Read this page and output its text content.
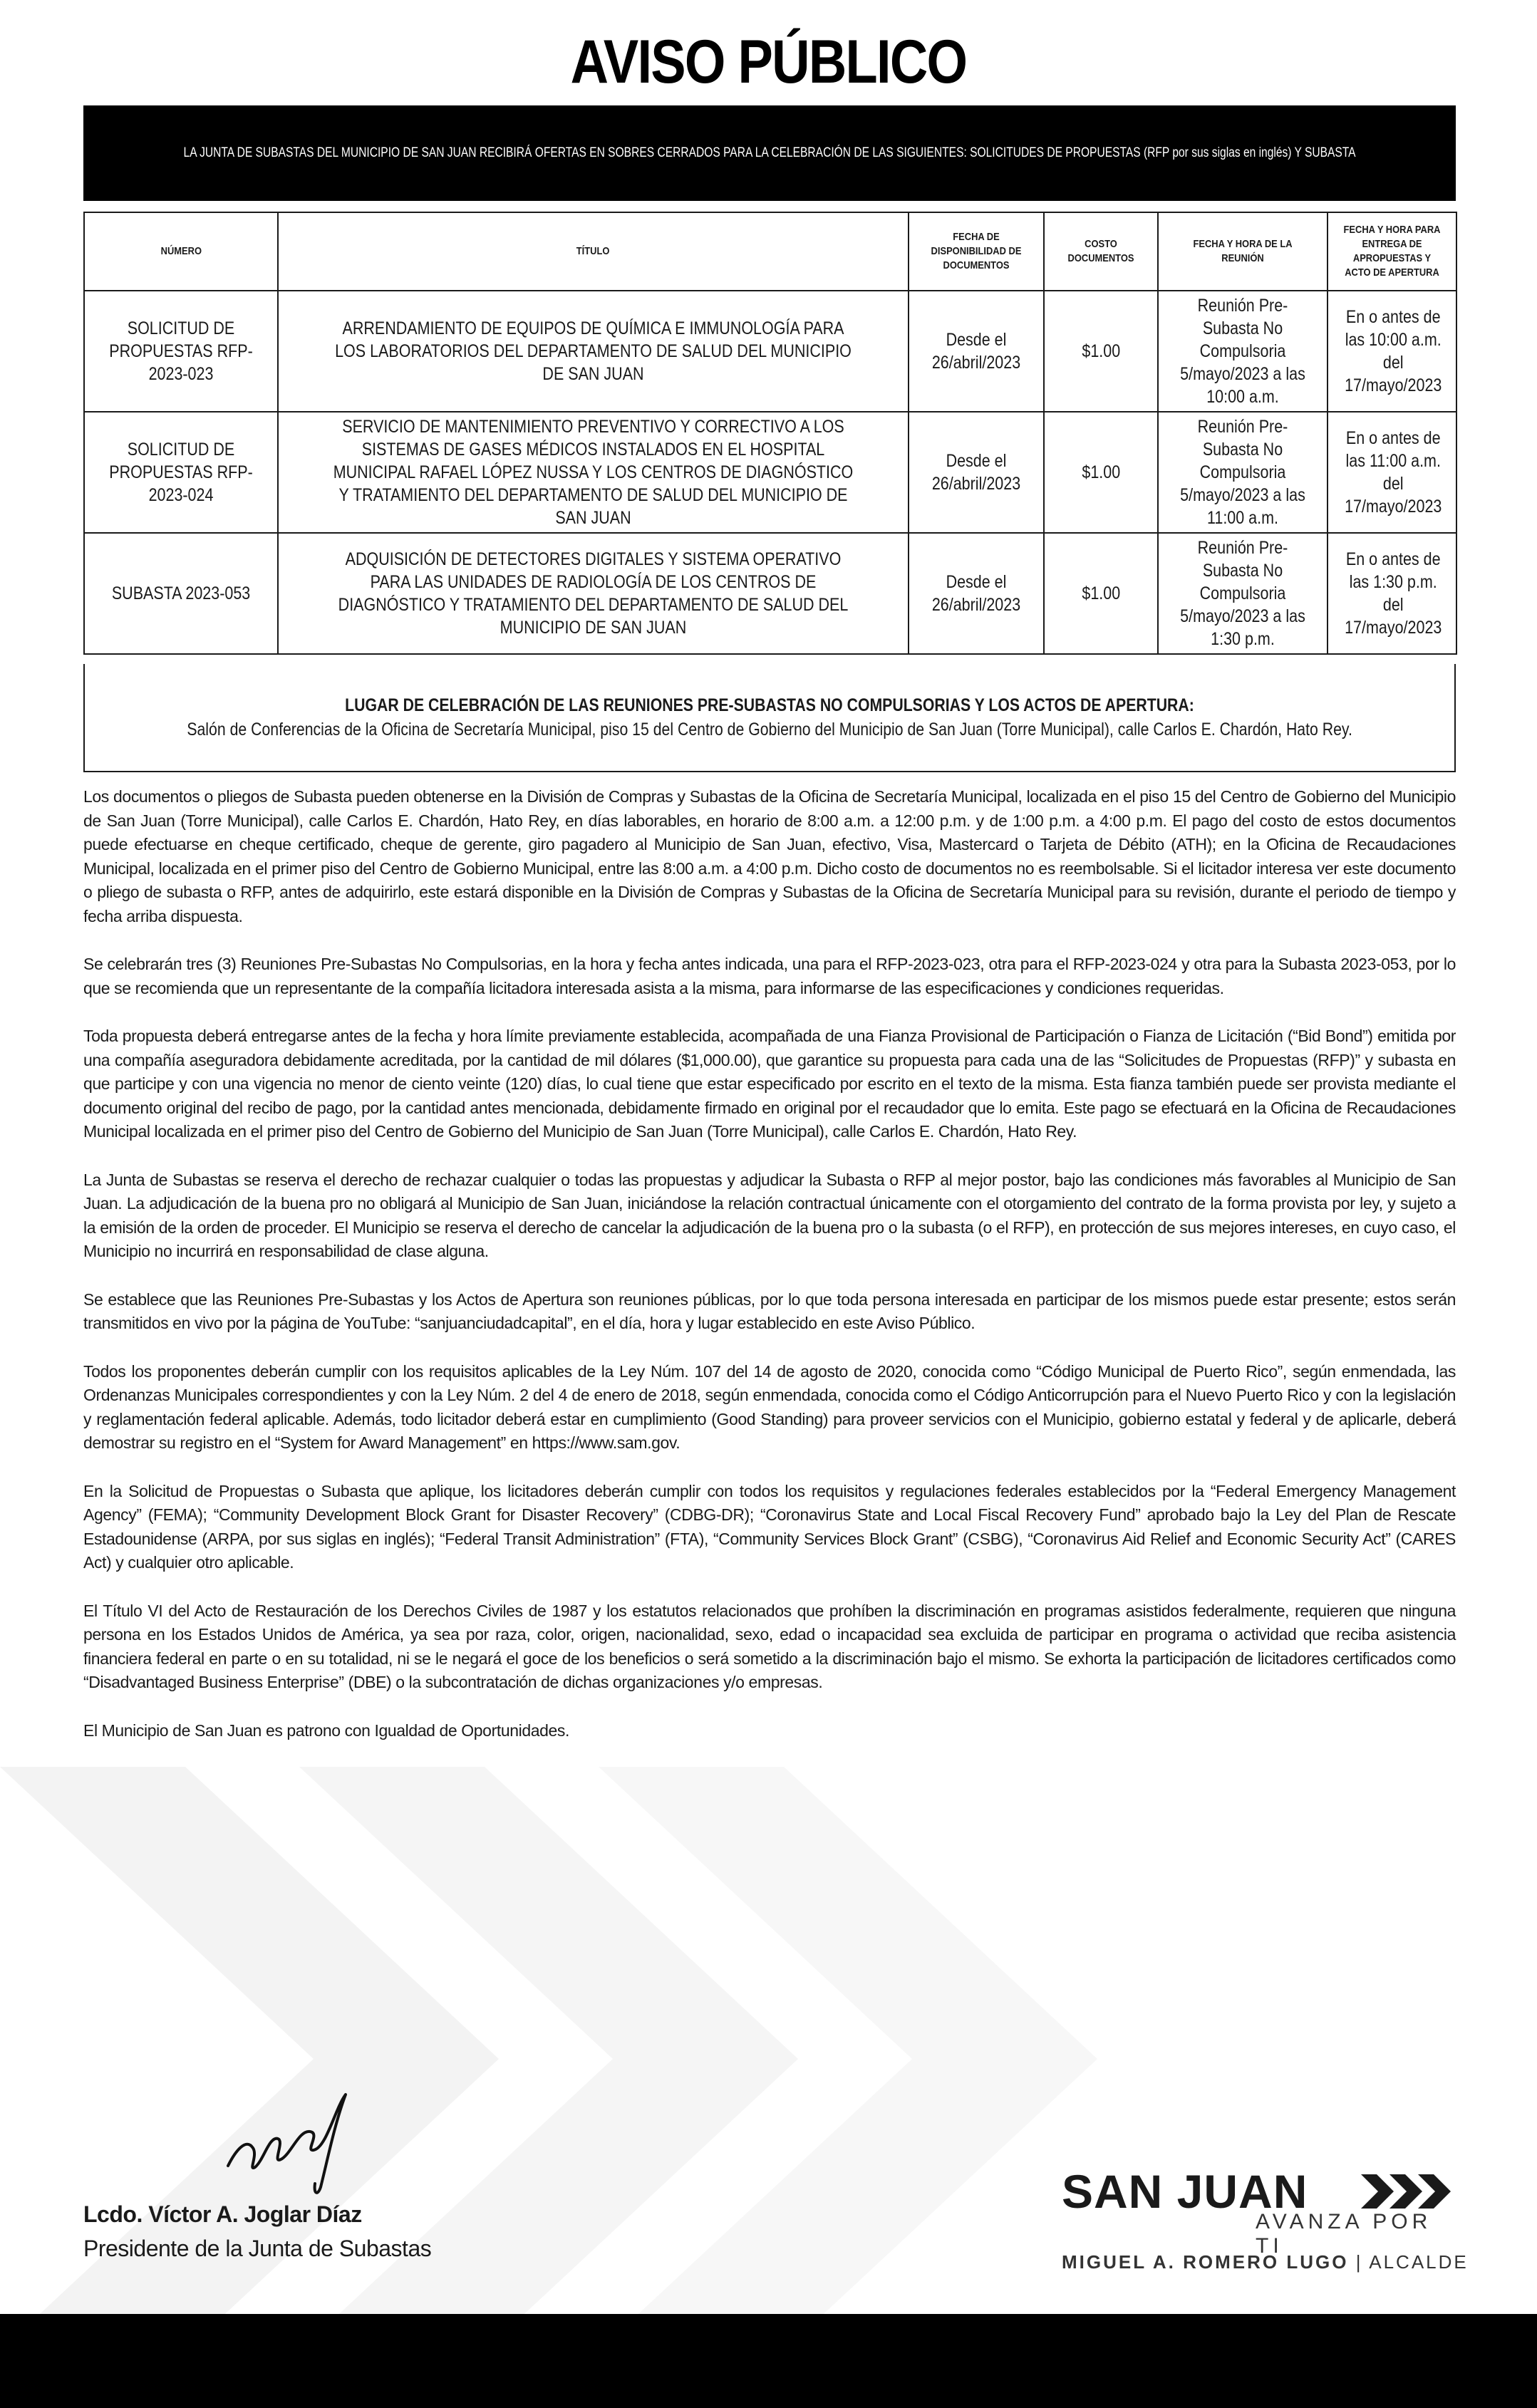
AVISO PÚBLICO
LA JUNTA DE SUBASTAS DEL MUNICIPIO DE SAN JUAN RECIBIRÁ OFERTAS EN SOBRES CERRADOS PARA LA CELEBRACIÓN DE LAS SIGUIENTES: SOLICITUDES DE PROPUESTAS (RFP por sus siglas en inglés) Y SUBASTA
NÚMERO	TÍTULO	FECHA DE DISPONIBILIDAD DE DOCUMENTOS	COSTO DOCUMENTOS	FECHA Y HORA DE LA REUNIÓN	FECHA Y HORA PARA ENTREGA DE APROPUESTAS Y ACTO DE APERTURA
SOLICITUD DE PROPUESTAS RFP-2023-023	ARRENDAMIENTO DE EQUIPOS DE QUÍMICA E IMMUNOLOGÍA PARA LOS LABORATORIOS DEL DEPARTAMENTO DE SALUD DEL MUNICIPIO DE SAN JUAN	Desde el 26/abril/2023	$1.00	Reunión Pre-Subasta No Compulsoria 5/mayo/2023 a las 10:00 a.m.	En o antes de las 10:00 a.m. del 17/mayo/2023
SOLICITUD DE PROPUESTAS RFP-2023-024	SERVICIO DE MANTENIMIENTO PREVENTIVO Y CORRECTIVO A LOS SISTEMAS DE GASES MÉDICOS INSTALADOS EN EL HOSPITAL MUNICIPAL RAFAEL LÓPEZ NUSSA Y LOS CENTROS DE DIAGNÓSTICO Y TRATAMIENTO DEL DEPARTAMENTO DE SALUD DEL MUNICIPIO DE SAN JUAN	Desde el 26/abril/2023	$1.00	Reunión Pre-Subasta No Compulsoria 5/mayo/2023 a las 11:00 a.m.	En o antes de las 11:00 a.m. del 17/mayo/2023
SUBASTA 2023-053	ADQUISICIÓN DE DETECTORES DIGITALES Y SISTEMA OPERATIVO PARA LAS UNIDADES DE RADIOLOGÍA DE LOS CENTROS DE DIAGNÓSTICO Y TRATAMIENTO DEL DEPARTAMENTO DE SALUD DEL MUNICIPIO DE SAN JUAN	Desde el 26/abril/2023	$1.00	Reunión Pre-Subasta No Compulsoria 5/mayo/2023 a las 1:30 p.m.	En o antes de las 1:30 p.m. del 17/mayo/2023
LUGAR DE CELEBRACIÓN DE LAS REUNIONES PRE-SUBASTAS NO COMPULSORIAS Y LOS ACTOS DE APERTURA:
Salón de Conferencias de la Oficina de Secretaría Municipal, piso 15 del Centro de Gobierno del Municipio de San Juan (Torre Municipal), calle Carlos E. Chardón, Hato Rey.

Los documentos o pliegos de Subasta pueden obtenerse en la División de Compras y Subastas de la Oficina de Secretaría Municipal, localizada en el piso 15 del Centro de Gobierno del Municipio de San Juan (Torre Municipal), calle Carlos E. Chardón, Hato Rey, en días laborables, en horario de 8:00 a.m. a 12:00 p.m. y de 1:00 p.m. a 4:00 p.m. El pago del costo de estos documentos puede efectuarse en cheque certificado, cheque de gerente, giro pagadero al Municipio de San Juan, efectivo, Visa, Mastercard o Tarjeta de Débito (ATH); en la Oficina de Recaudaciones Municipal, localizada en el primer piso del Centro de Gobierno Municipal, entre las 8:00 a.m. a 4:00 p.m. Dicho costo de documentos no es reembolsable. Si el licitador interesa ver este documento o pliego de subasta o RFP, antes de adquirirlo, este estará disponible en la División de Compras y Subastas de la Oficina de Secretaría Municipal para su revisión, durante el periodo de tiempo y fecha arriba dispuesta.

Se celebrarán tres (3) Reuniones Pre-Subastas No Compulsorias, en la hora y fecha antes indicada, una para el RFP-2023-023, otra para el RFP-2023-024 y otra para la Subasta 2023-053, por lo que se recomienda que un representante de la compañía licitadora interesada asista a la misma, para informarse de las especificaciones y condiciones requeridas.

Toda propuesta deberá entregarse antes de la fecha y hora límite previamente establecida, acompañada de una Fianza Provisional de Participación o Fianza de Licitación (“Bid Bond”) emitida por una compañía aseguradora debidamente acreditada, por la cantidad de mil dólares ($1,000.00), que garantice su propuesta para cada una de las “Solicitudes de Propuestas (RFP)” y subasta en que participe y con una vigencia no menor de ciento veinte (120) días, lo cual tiene que estar especificado por escrito en el texto de la misma. Esta fianza también puede ser provista mediante el documento original del recibo de pago, por la cantidad antes mencionada, debidamente firmado en original por el recaudador que lo emita. Este pago se efectuará en la Oficina de Recaudaciones Municipal localizada en el primer piso del Centro de Gobierno del Municipio de San Juan (Torre Municipal), calle Carlos E. Chardón, Hato Rey.

La Junta de Subastas se reserva el derecho de rechazar cualquier o todas las propuestas y adjudicar la Subasta o RFP al mejor postor, bajo las condiciones más favorables al Municipio de San Juan. La adjudicación de la buena pro no obligará al Municipio de San Juan, iniciándose la relación contractual únicamente con el otorgamiento del contrato de la forma provista por ley, y sujeto a la emisión de la orden de proceder. El Municipio se reserva el derecho de cancelar la adjudicación de la buena pro o la subasta (o el RFP), en protección de sus mejores intereses, en cuyo caso, el Municipio no incurrirá en responsabilidad de clase alguna.

Se establece que las Reuniones Pre-Subastas y los Actos de Apertura son reuniones públicas, por lo que toda persona interesada en participar de los mismos puede estar presente; estos serán transmitidos en vivo por la página de YouTube: “sanjuanciudadcapital”, en el día, hora y lugar establecido en este Aviso Público.

Todos los proponentes deberán cumplir con los requisitos aplicables de la Ley Núm. 107 del 14 de agosto de 2020, conocida como “Código Municipal de Puerto Rico”, según enmendada, las Ordenanzas Municipales correspondientes y con la Ley Núm. 2 del 4 de enero de 2018, según enmendada, conocida como el Código Anticorrupción para el Nuevo Puerto Rico y con la legislación y reglamentación federal aplicable. Además, todo licitador deberá estar en cumplimiento (Good Standing) para proveer servicios con el Municipio, gobierno estatal y federal y de aplicarle, deberá demostrar su registro en el “System for Award Management” en https://www.sam.gov.

En la Solicitud de Propuestas o Subasta que aplique, los licitadores deberán cumplir con todos los requisitos y regulaciones federales establecidos por la “Federal Emergency Management Agency” (FEMA); “Community Development Block Grant for Disaster Recovery” (CDBG-DR); “Coronavirus State and Local Fiscal Recovery Fund” aprobado bajo la Ley del Plan de Rescate Estadounidense (ARPA, por sus siglas en inglés); “Federal Transit Administration” (FTA), “Community Services Block Grant” (CSBG), “Coronavirus Aid Relief and Economic Security Act” (CARES Act) y cualquier otro aplicable.

El Título VI del Acto de Restauración de los Derechos Civiles de 1987 y los estatutos relacionados que prohíben la discriminación en programas asistidos federalmente, requieren que ninguna persona en los Estados Unidos de América, ya sea por raza, color, origen, nacionalidad, sexo, edad o incapacidad sea excluida de participar en programa o actividad que reciba asistencia financiera federal en parte o en su totalidad, ni se le negará el goce de los beneficios o será sometido a la discriminación bajo el mismo. Se exhorta la participación de licitadores certificados como “Disadvantaged Business Enterprise” (DBE) o la subcontratación de dichas organizaciones y/o empresas.

El Municipio de San Juan es patrono con Igualdad de Oportunidades.

Lcdo. Víctor A. Joglar Díaz
Presidente de la Junta de Subastas
SAN JUAN
AVANZA POR TI
MIGUEL A. ROMERO LUGO | ALCALDE
